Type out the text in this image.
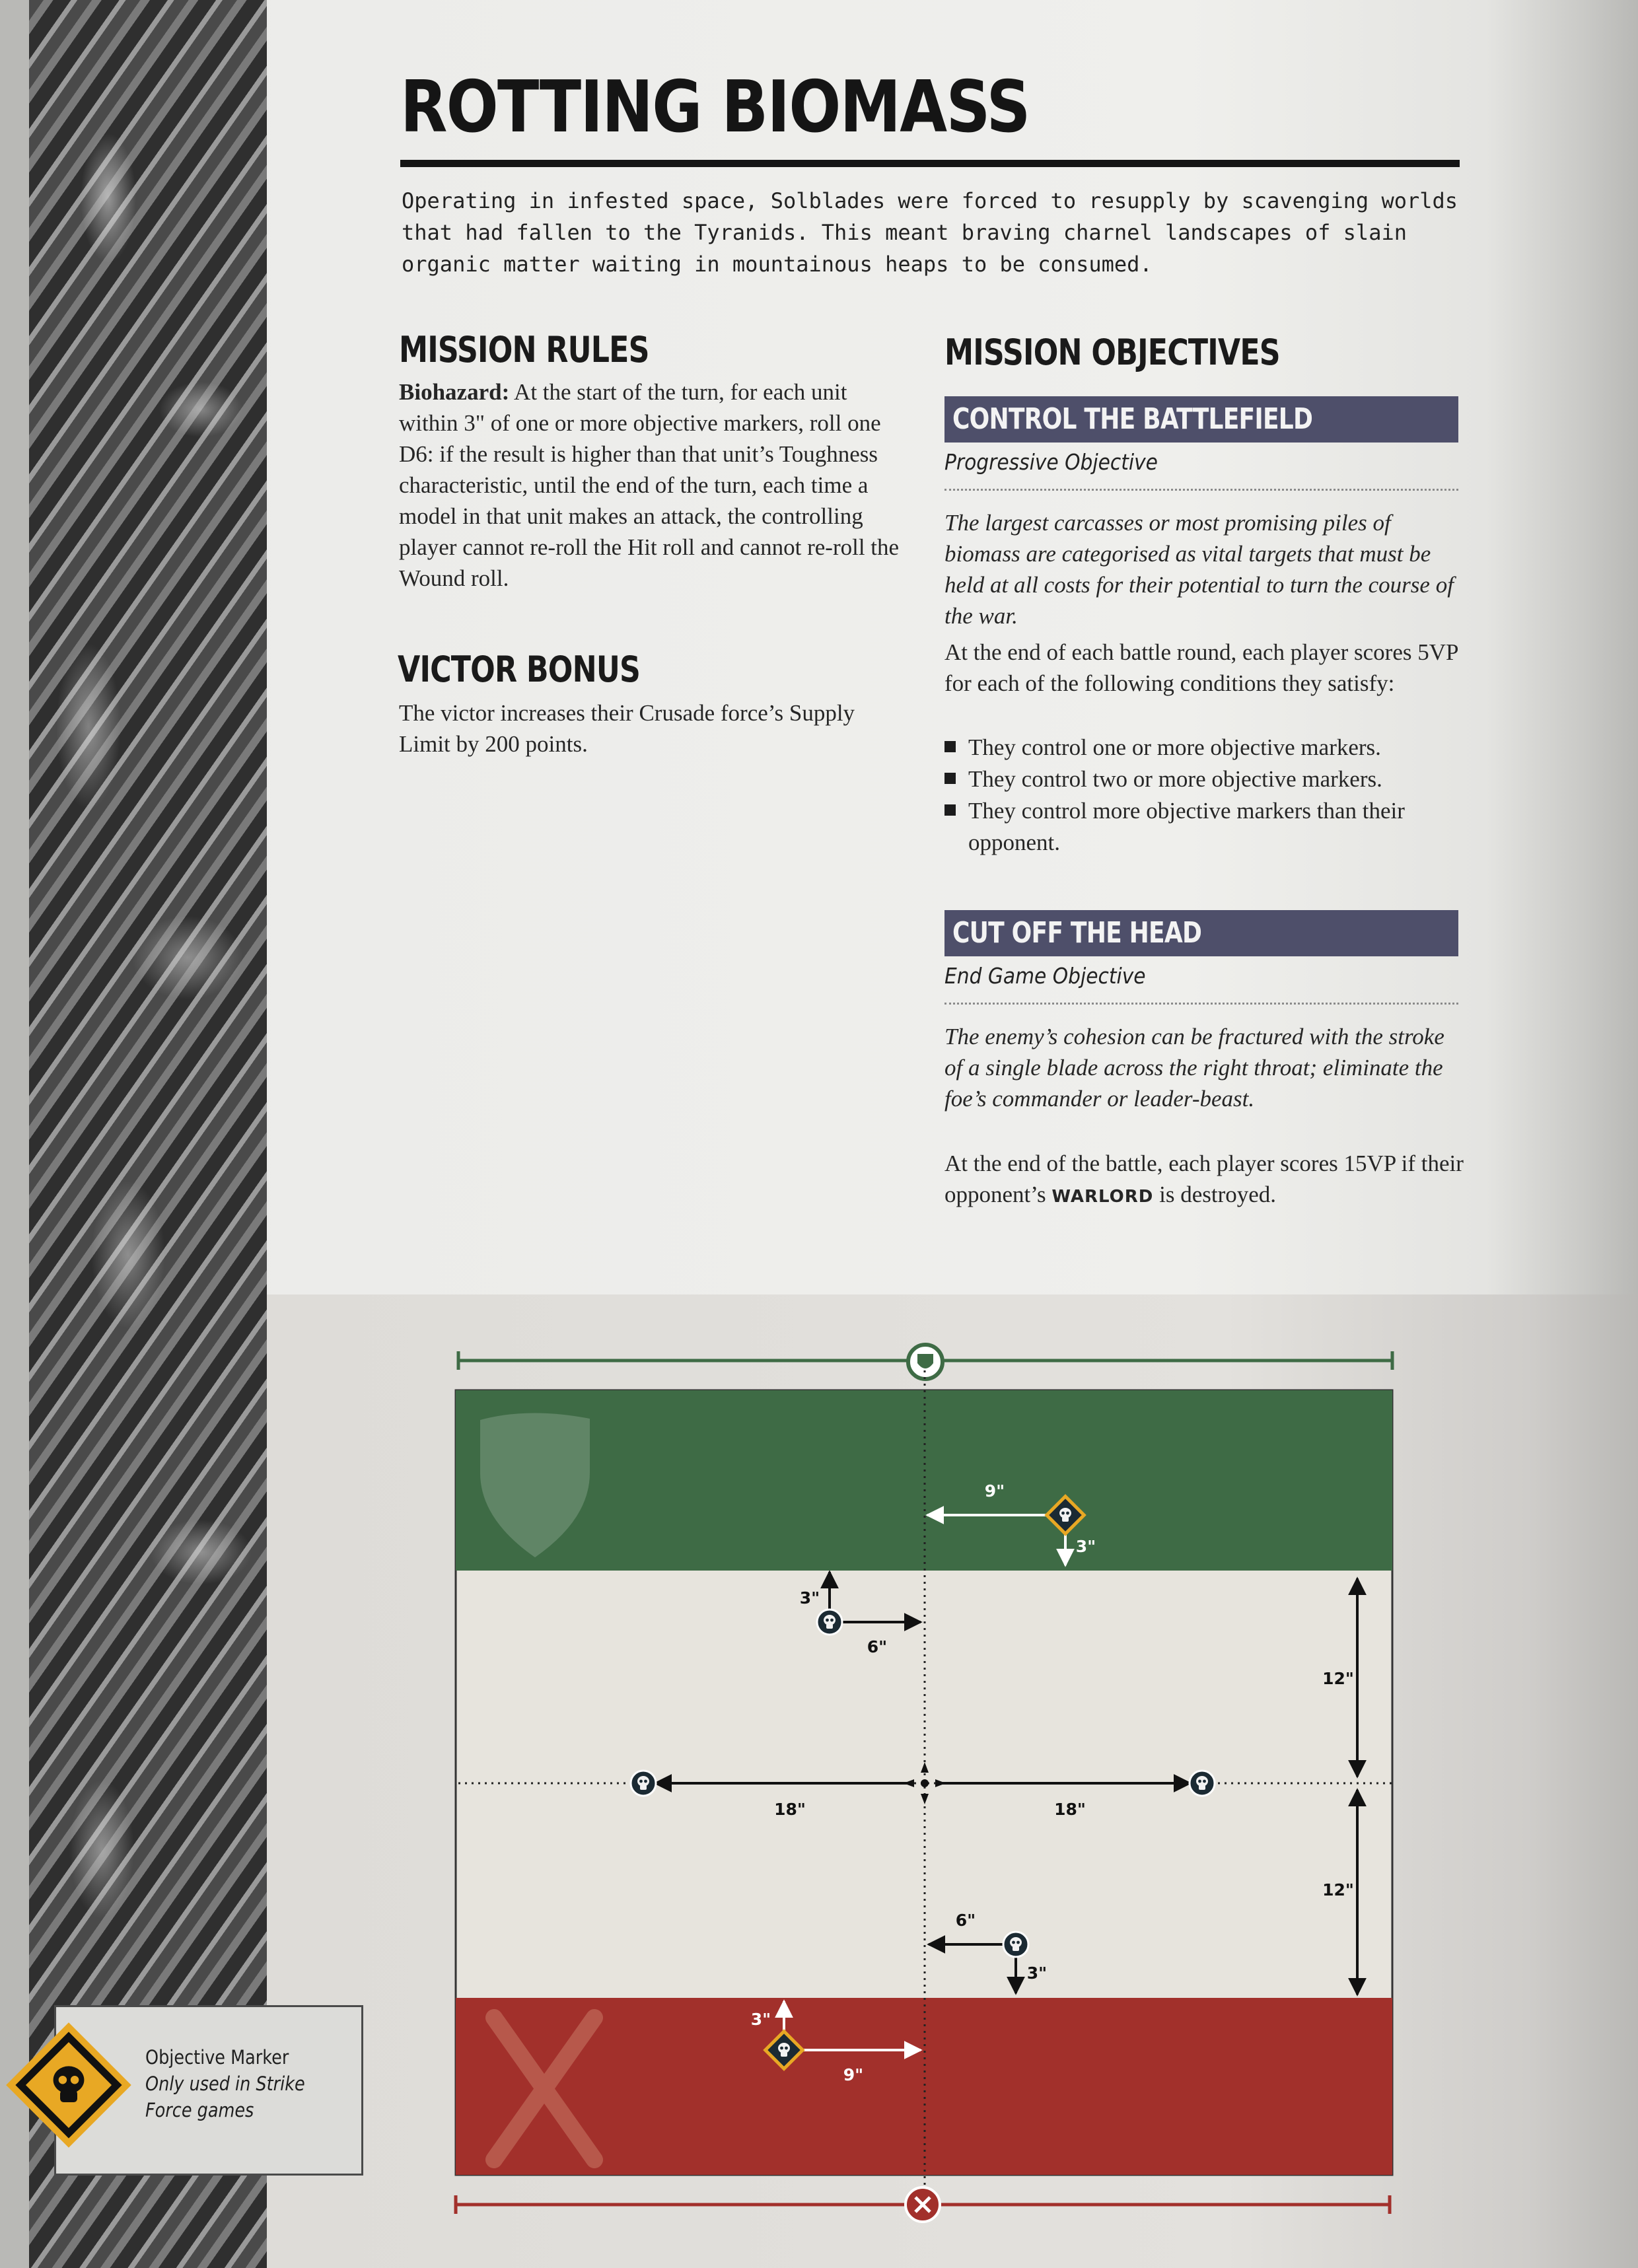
ROTTING BIOMASS

Operating in infested space, Solblades were forced to resupply by scavenging worlds that had fallen to the Tyranids. This meant braving charnel landscapes of slain organic matter waiting in mountainous heaps to be consumed.

MISSION RULES

Biohazard: At the start of the turn, for each unit within 3" of one or more objective markers, roll one D6: if the result is higher than that unit’s Toughness characteristic, until the end of the turn, each time a model in that unit makes an attack, the controlling player cannot re-roll the Hit roll and cannot re-roll the Wound roll.

VICTOR BONUS

The victor increases their Crusade force’s Supply Limit by 200 points.

MISSION OBJECTIVES
CONTROL THE BATTLEFIELD

Progressive Objective

The largest carcasses or most promising piles of biomass are categorised as vital targets that must be held at all costs for their potential to turn the course of the war.

At the end of each battle round, each player scores 5VP for each of the following conditions they satisfy:

They control one or more objective markers.
They control two or more objective markers.
They control more objective markers than their opponent.
CUT OFF THE HEAD

End Game Objective

The enemy’s cohesion can be fractured with the stroke of a single blade across the right throat; eliminate the foe’s commander or leader-beast.

At the end of the battle, each player scores 15VP if their opponent’s WARLORD is destroyed.

18"	18"
12"
12"
9"
3"
3"
6"
6"
3"
3"
9"

Objective Marker

Only used in Strike

Force games
